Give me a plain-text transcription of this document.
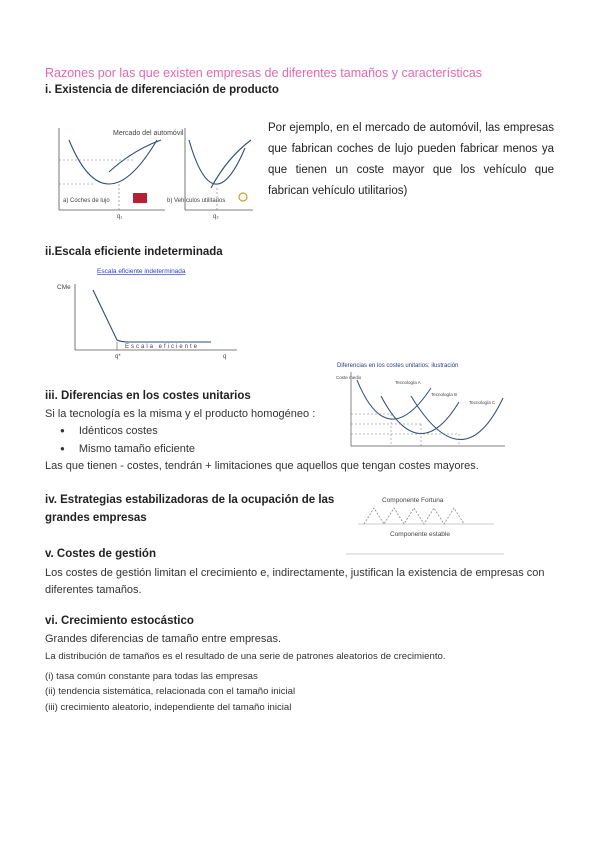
Razones por las que existen empresas de diferentes tamaños y características
i. Existencia de diferenciación de producto
Mercado del automóvil
a) Coches de lujo	b) Vehículos utilitarios
q₁	q₂
Por ejemplo, en el mercado de automóvil, las empresas que fabrican coches de lujo pueden fabricar menos ya que tienen un coste mayor que los vehículo que fabrican vehículo utilitarios)
ii.Escala eficiente indeterminada
Escala eficiente indeterminada
CMe
Escala eficiente
q*	q
Diferencias en los costes unitarios: ilustración
Coste medio
Tecnología A
Tecnología B
Tecnología C
iii. Diferencias en los costes unitarios
Si la tecnología es la misma y el producto homogéneo :
● Idénticos costes
● Mismo tamaño eficiente
Las que tienen - costes, tendrán + limitaciones que aquellos que tengan costes mayores.
iv. Estrategias estabilizadoras de la ocupación de las
grandes empresas
Componente Fortuna
Componente estable
v. Costes de gestión
Los costes de gestión limitan el crecimiento e, indirectamente, justifican la existencia de empresas con diferentes tamaños.
vi. Crecimiento estocástico
Grandes diferencias de tamaño entre empresas.
La distribución de tamaños es el resultado de una serie de patrones aleatorios de crecimiento.
(i) tasa común constante para todas las empresas
(ii) tendencia sistemática, relacionada con el tamaño inicial
(iii) crecimiento aleatorio, independiente del tamaño inicial
